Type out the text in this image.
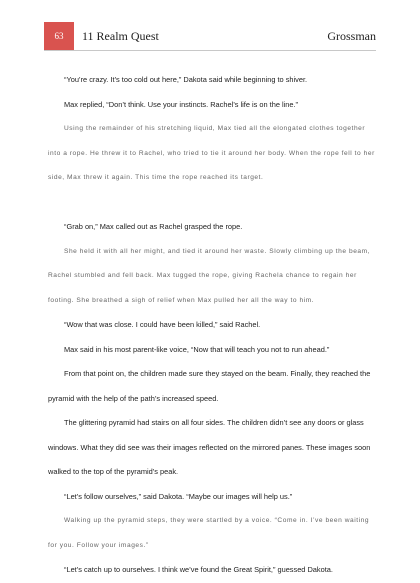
63	11 Realm Quest	Grossman

“You’re crazy. It’s too cold out here,” Dakota said while beginning to shiver.

Max replied, “Don’t think. Use your instincts. Rachel’s life is on the line.”

Using the remainder of his stretching liquid, Max tied all the elongated clothes together into a rope. He threw it to Rachel, who tried to tie it around her body. When the rope fell to her side, Max threw it again. This time the rope reached its target.

“Grab on,” Max called out as Rachel grasped the rope.

She held it with all her might, and tied it around her waste. Slowly climbing up the beam, Rachel stumbled and fell back. Max tugged the rope, giving Rachela chance to regain her footing. She breathed a sigh of relief when Max pulled her all the way to him.

“Wow that was close. I could have been killed,” said Rachel.

Max said in his most parent-like voice, “Now that will teach you not to run ahead.”

From that point on, the children made sure they stayed on the beam. Finally, they reached the pyramid with the help of the path’s increased speed.

The glittering pyramid had stairs on all four sides. The children didn’t see any doors or glass windows. What they did see was their images reflected on the mirrored panes. These images soon walked to the top of the pyramid’s peak.

“Let’s follow ourselves,” said Dakota. “Maybe our images will help us.”

Walking up the pyramid steps, they were startled by a voice. “Come in. I’ve been waiting for you. Follow your images.”

“Let’s catch up to ourselves. I think we’ve found the Great Spirit,” guessed Dakota.
